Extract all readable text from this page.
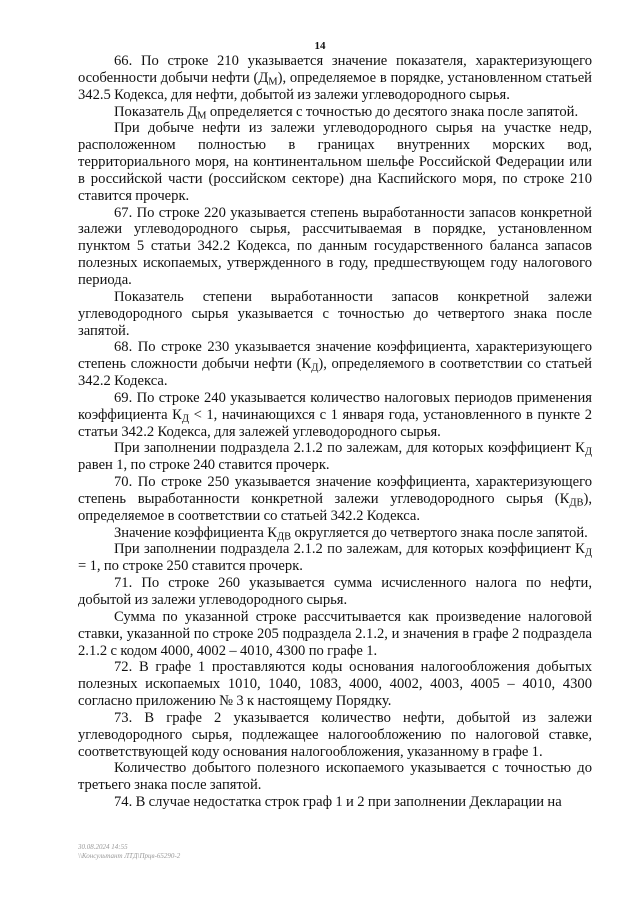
14

66. По строке 210 указывается значение показателя, характеризующего особенности добычи нефти $(Д_М)$, определяемое в порядке, установленном статьей 342.5 Кодекса, для нефти, добытой из залежи углеводородного сырья.

Показатель $Д_М$ определяется с точностью до десятого знака после запятой.

При добыче нефти из залежи углеводородного сырья на участке недр, расположенном полностью в границах внутренних морских вод, территориального моря, на континентальном шельфе Российской Федерации или в российской части (российском секторе) дна Каспийского моря, по строке 210 ставится прочерк.

67. По строке 220 указывается степень выработанности запасов конкретной залежи углеводородного сырья, рассчитываемая в порядке, установленном пунктом 5 статьи 342.2 Кодекса, по данным государственного баланса запасов полезных ископаемых, утвержденного в году, предшествующем году налогового периода.

Показатель степени выработанности запасов конкретной залежи углеводородного сырья указывается с точностью до четвертого знака после запятой.

68. По строке 230 указывается значение коэффициента, характеризующего степень сложности добычи нефти $(К_Д)$, определяемого в соответствии со статьей 342.2 Кодекса.

69. По строке 240 указывается количество налоговых периодов применения коэффициента $К_Д < 1$, начинающихся с 1 января года, установленного в пункте 2 статьи 342.2 Кодекса, для залежей углеводородного сырья.

При заполнении подраздела 2.1.2 по залежам, для которых коэффициент $К_Д$ равен 1, по строке 240 ставится прочерк.

70. По строке 250 указывается значение коэффициента, характеризующего степень выработанности конкретной залежи углеводородного сырья $(К_{ДВ})$, определяемое в соответствии со статьей 342.2 Кодекса.

Значение коэффициента $К_{ДВ}$ округляется до четвертого знака после запятой.

При заполнении подраздела 2.1.2 по залежам, для которых коэффициент $К_Д = 1$, по строке 250 ставится прочерк.

71. По строке 260 указывается сумма исчисленного налога по нефти, добытой из залежи углеводородного сырья.

Сумма по указанной строке рассчитывается как произведение налоговой ставки, указанной по строке 205 подраздела 2.1.2, и значения в графе 2 подраздела 2.1.2 с кодом 4000, 4002 – 4010, 4300 по графе 1.

72. В графе 1 проставляются коды основания налогообложения добытых полезных ископаемых 1010, 1040, 1083, 4000, 4002, 4003, 4005 – 4010, 4300 согласно приложению № 3 к настоящему Порядку.

73. В графе 2 указывается количество нефти, добытой из залежи углеводородного сырья, подлежащее налогообложению по налоговой ставке, соответствующей коду основания налогообложения, указанному в графе 1.

Количество добытого полезного ископаемого указывается с точностью до третьего знака после запятой.

74. В случае недостатка строк граф 1 и 2 при заполнении Декларации на

30.08.2024 14:55
\\Консультант ЛТД\Прцв-65290-2
